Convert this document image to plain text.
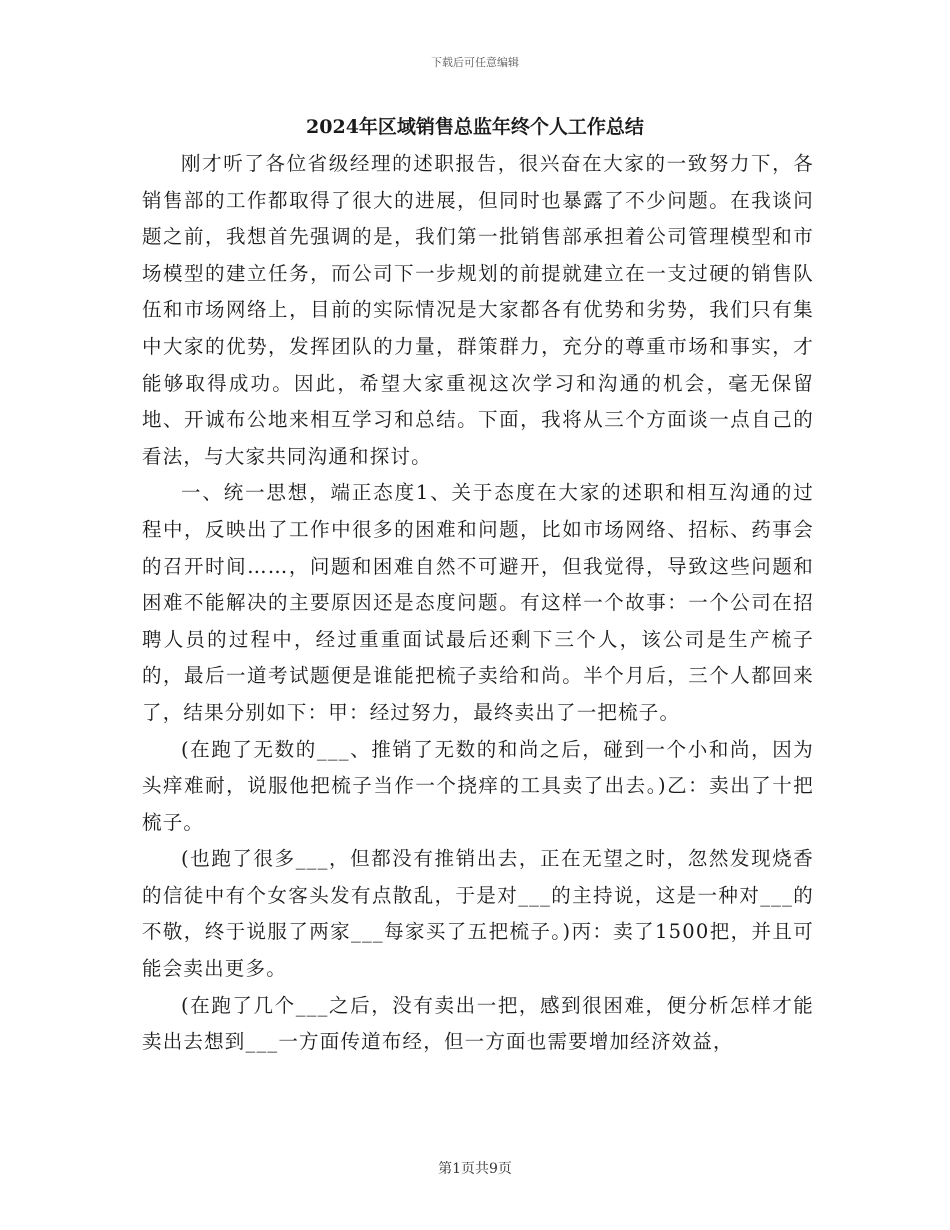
下载后可任意编辑
2024年区域销售总监年终个人工作总结

刚才听了各位省级经理的述职报告，很兴奋在大家的一致努力下，各销售部的工作都取得了很大的进展，但同时也暴露了不少问题。在我谈问题之前，我想首先强调的是，我们第一批销售部承担着公司管理模型和市场模型的建立任务，而公司下一步规划的前提就建立在一支过硬的销售队伍和市场网络上，目前的实际情况是大家都各有优势和劣势，我们只有集中大家的优势，发挥团队的力量，群策群力，充分的尊重市场和事实，才能够取得成功。因此，希望大家重视这次学习和沟通的机会，毫无保留地、开诚布公地来相互学习和总结。下面，我将从三个方面谈一点自己的看法，与大家共同沟通和探讨。

一、统一思想，端正态度1、关于态度在大家的述职和相互沟通的过程中，反映出了工作中很多的困难和问题，比如市场网络、招标、药事会的召开时间……，问题和困难自然不可避开，但我觉得，导致这些问题和困难不能解决的主要原因还是态度问题。有这样一个故事：一个公司在招聘人员的过程中，经过重重面试最后还剩下三个人，该公司是生产梳子的，最后一道考试题便是谁能把梳子卖给和尚。半个月后，三个人都回来了，结果分别如下：甲：经过努力，最终卖出了一把梳子。

(在跑了无数的___、推销了无数的和尚之后，碰到一个小和尚，因为头痒难耐，说服他把梳子当作一个挠痒的工具卖了出去。)乙：卖出了十把梳子。

(也跑了很多___，但都没有推销出去，正在无望之时，忽然发现烧香的信徒中有个女客头发有点散乱，于是对___的主持说，这是一种对___的不敬，终于说服了两家___每家买了五把梳子。)丙：卖了1500把，并且可能会卖出更多。

(在跑了几个___之后，没有卖出一把，感到很困难，便分析怎样才能卖出去想到___一方面传道布经，但一方面也需要增加经济效益，

第1页共9页
